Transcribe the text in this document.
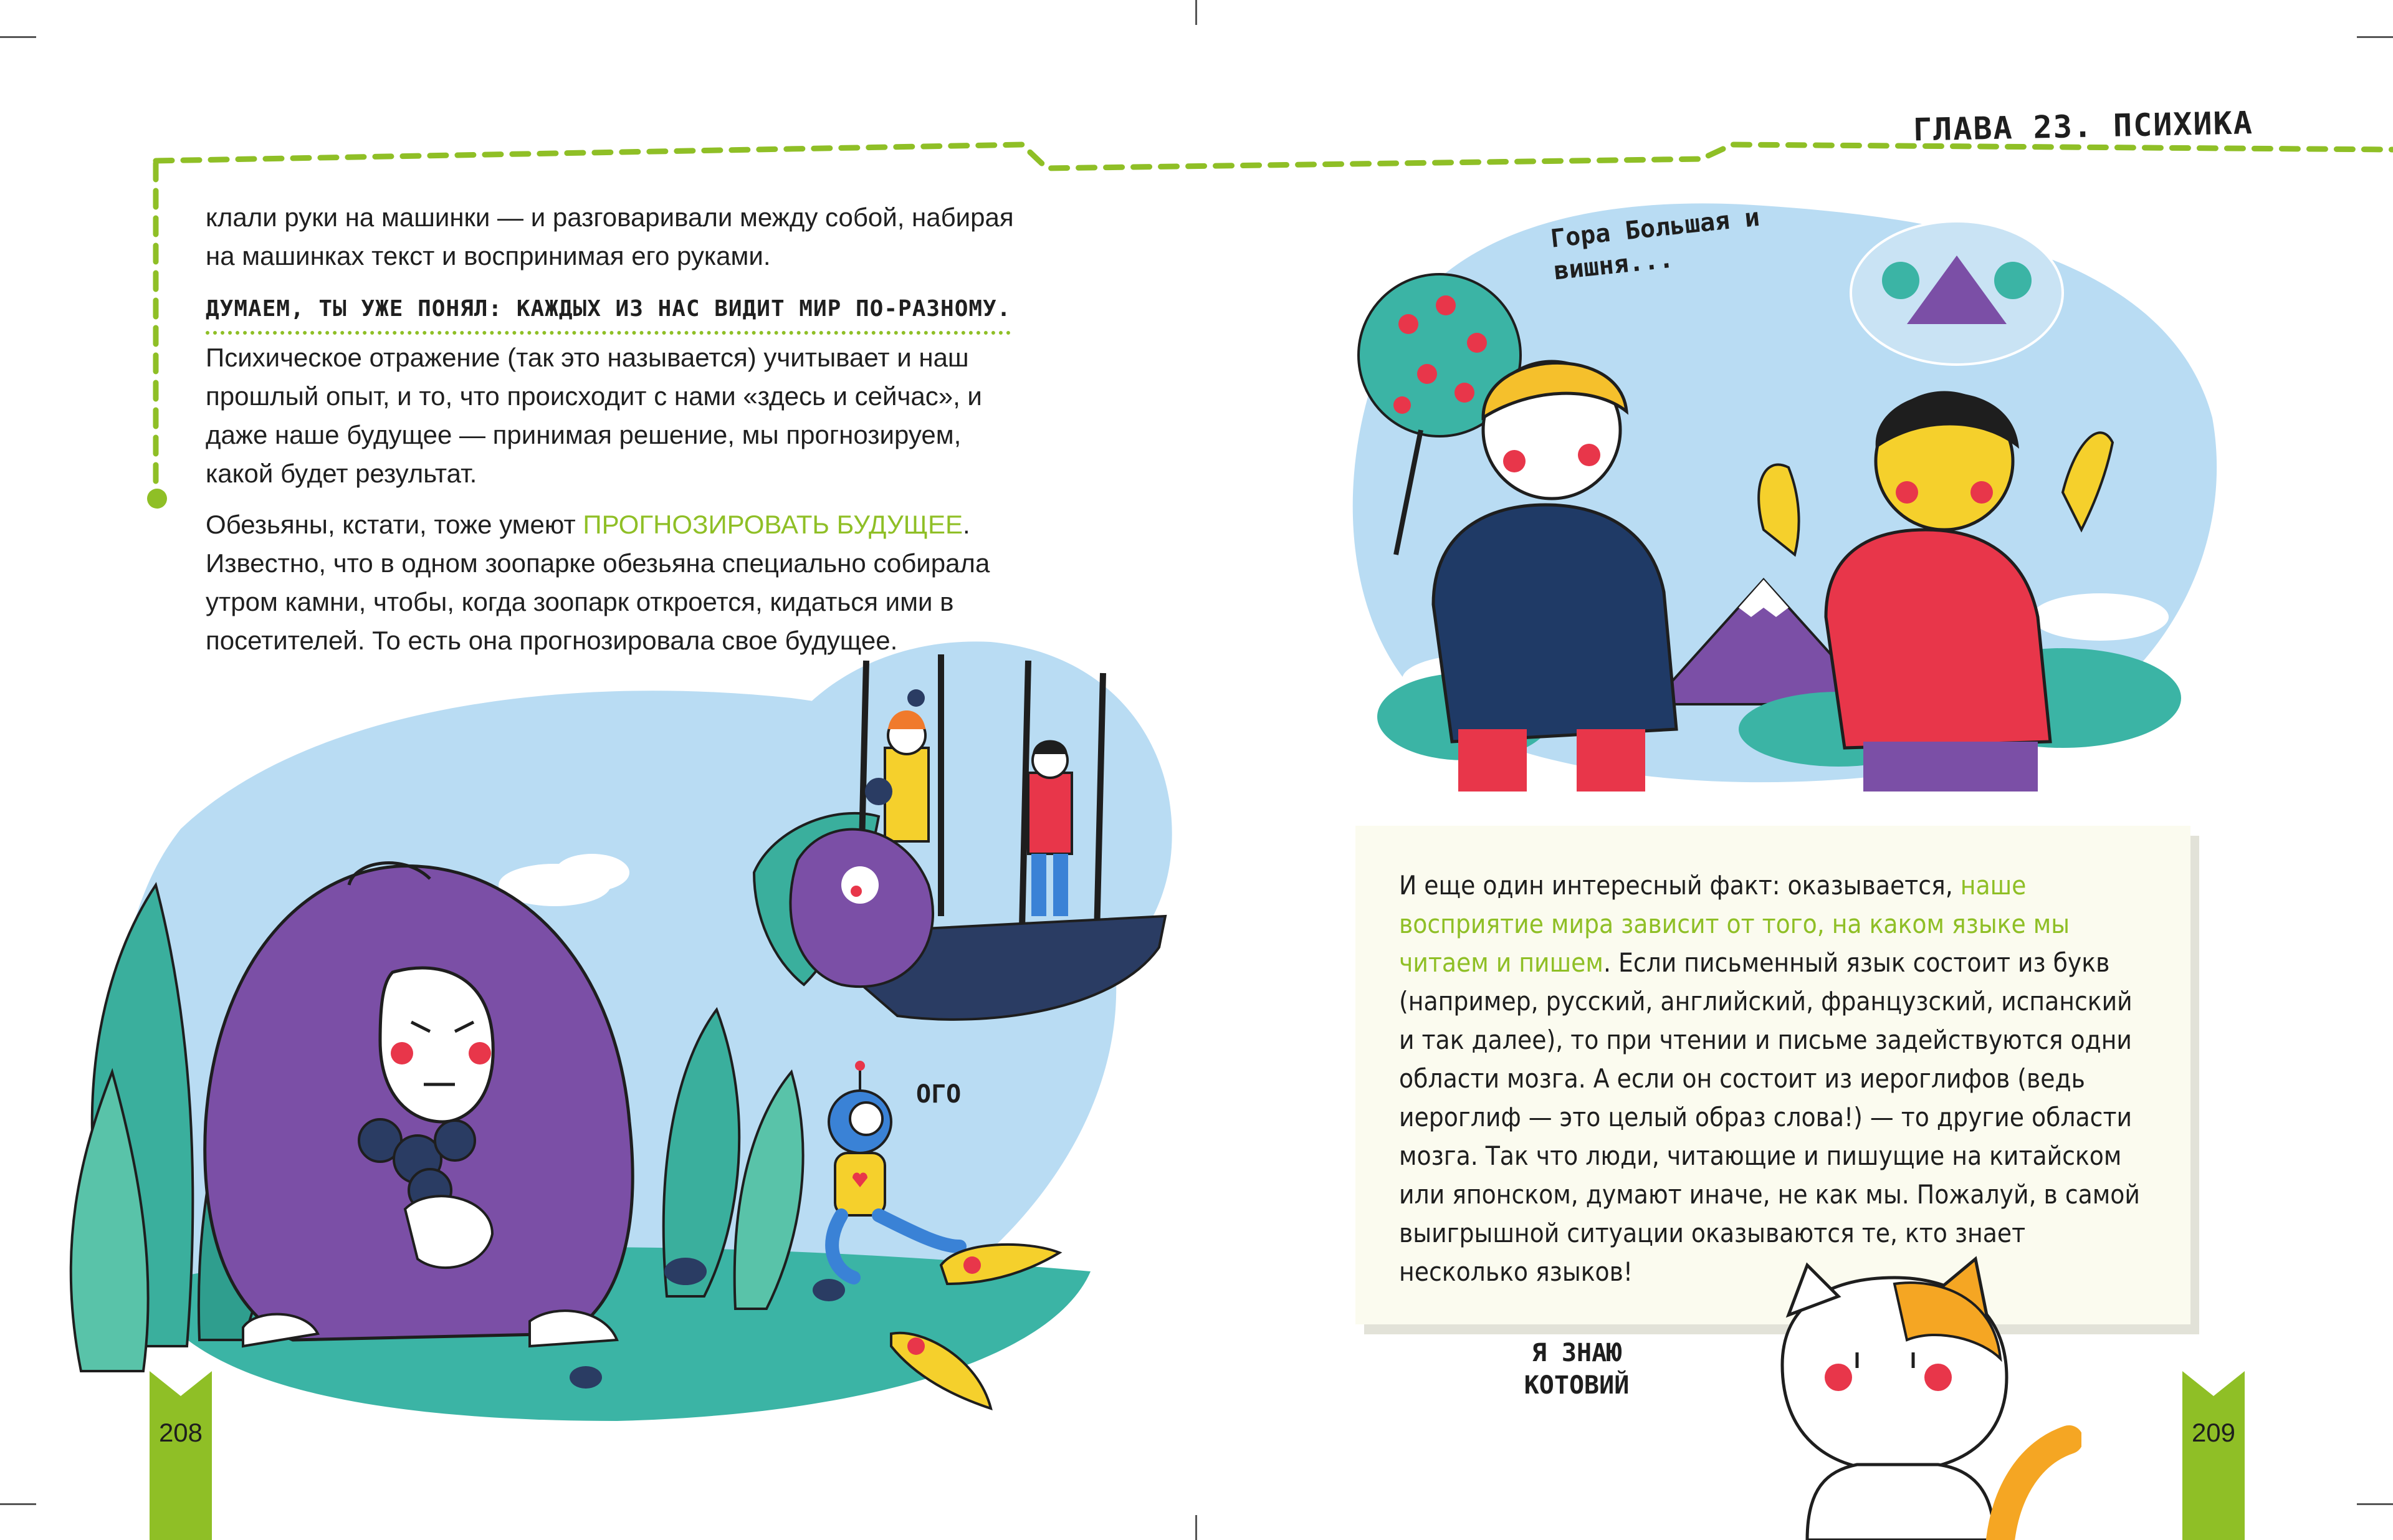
ГЛАВА 23. ПСИХИКА

клали руки на машинки — и разговаривали между собой, набирая на машинках текст и воспринимая его руками.

ДУМАЕМ, ТЫ УЖЕ ПОНЯЛ: КАЖДЫХ ИЗ НАС ВИДИТ МИР ПО-РАЗНОМУ.

Психическое отражение (так это называется) учитывает и наш прошлый опыт, и то, что происходит с нами «здесь и сейчас», и даже наше будущее — принимая решение, мы прогнозируем, какой будет результат.

Обезьяны, кстати, тоже умеют ПРОГНОЗИРОВАТЬ БУДУЩЕЕ. Известно, что в одном зоопарке обезьяна специально собирала утром камни, чтобы, когда зоопарк откроется, кидаться ими в посетителей. То есть она прогнозировала свое будущее.

ОГО
Гора Большая и вишня...
И еще один интересный факт: оказывается, наше восприятие мира зависит от того, на каком языке мы читаем и пишем. Если письменный язык состоит из букв (например, русский, английский, французский, испанский и так далее), то при чтении и письме задействуются одни области мозга. А если он состоит из иероглифов (ведь иероглиф — это целый образ слова!) — то другие области мозга. Так что люди, читающие и пишущие на китайском или японском, думают иначе, не как мы. Пожалуй, в самой выигрышной ситуации оказываются те, кто знает несколько языков!
Я ЗНАЮ КОТОВИЙ
208	209
